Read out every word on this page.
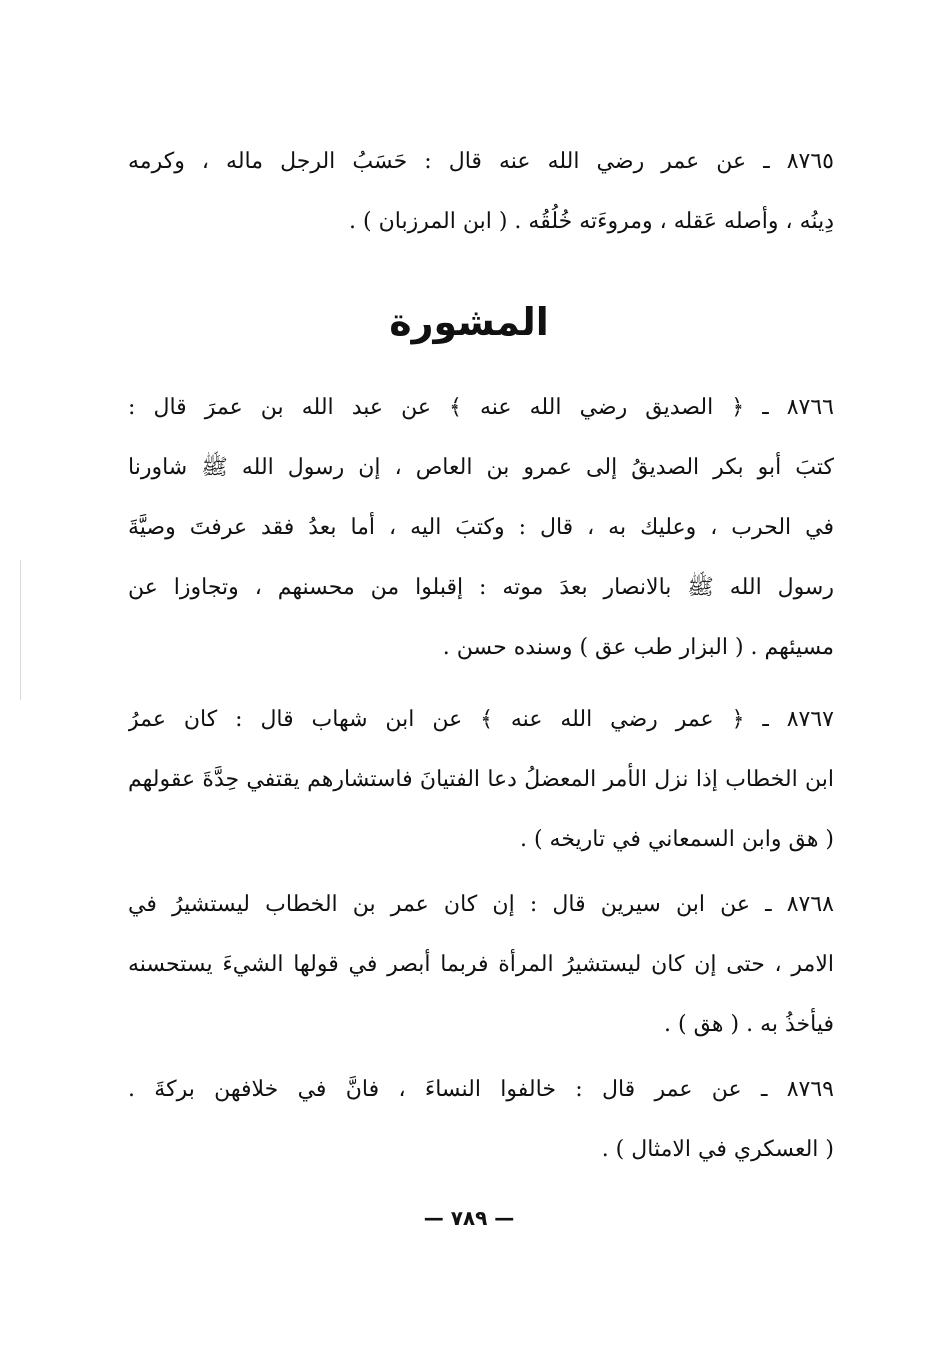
٨٧٦٥ ـ عن عمر رضي الله عنه قال : حَسَبُ الرجل ماله ، وكرمه
دِينُه ، وأصله عَقله ، ومروءَته خُلُقُه . ( ابن المرزبان ) .
المشورة
٨٧٦٦ ـ ﴿ الصديق رضي الله عنه ﴾ عن عبد الله بن عمرَ قال :
كتبَ أبو بكر الصديقُ إلى عمرو بن العاص ، إن رسول الله ﷺ شاورنا
في الحرب ، وعليك به ، قال : وكتبَ اليه ، أما بعدُ فقد عرفتَ وصيَّةَ
رسول الله ﷺ بالانصار بعدَ موته : إقبلوا من محسنهم ، وتجاوزا عن
مسيئهم . ( البزار طب عق ) وسنده حسن .
٨٧٦٧ ـ ﴿ عمر رضي الله عنه ﴾ عن ابن شهاب قال : كان عمرُ
ابن الخطاب إذا نزل الأمر المعضلُ دعا الفتيانَ فاستشارهم يقتفي حِدَّةَ عقولهم
( هق وابن السمعاني في تاريخه ) .
٨٧٦٨ ـ عن ابن سيرين قال : إن كان عمر بن الخطاب ليستشيرُ في
الامر ، حتى إن كان ليستشيرُ المرأة فربما أبصر في قولها الشيءَ يستحسنه
فيأخذُ به . ( هق ) .
٨٧٦٩ ـ عن عمر قال : خالفوا النساءَ ، فانَّ في خلافهن بركةَ .
( العسكري في الامثال ) .
— ٧٨٩ —
